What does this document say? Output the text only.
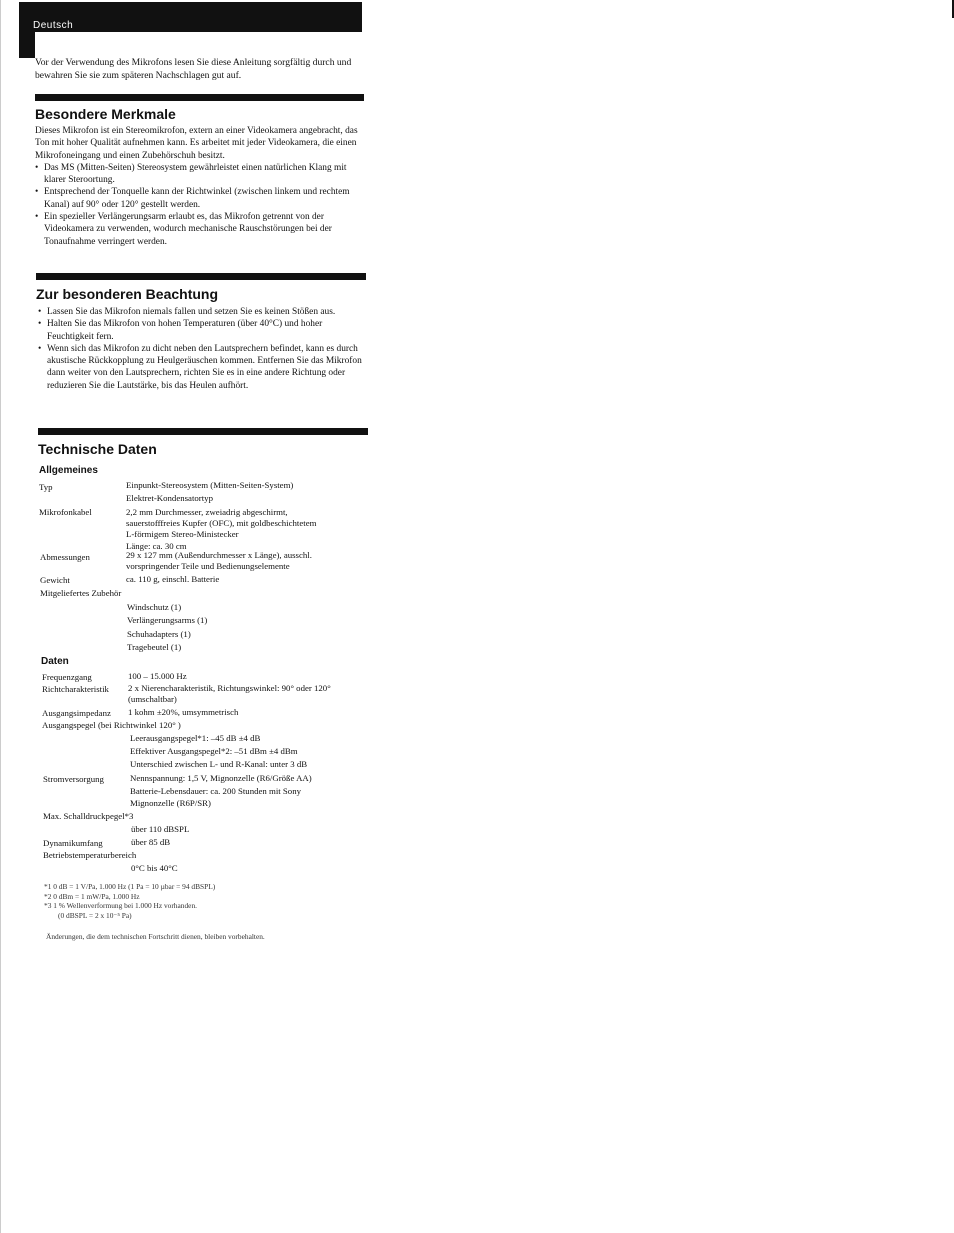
Deutsch
Vor der Verwendung des Mikrofons lesen Sie diese Anleitung sorgfältig durch und bewahren Sie sie zum späteren Nachschlagen gut auf.
Besondere Merkmale
Dieses Mikrofon ist ein Stereomikrofon, extern an einer Videokamera angebracht, das Ton mit hoher Qualität aufnehmen kann. Es arbeitet mit jeder Videokamera, die einen Mikrofoneingang und einen Zubehörschuh besitzt.
• Das MS (Mitten-Seiten) Stereosystem gewährleistet einen natürlichen Klang mit klarer Steroortung.
• Entsprechend der Tonquelle kann der Richtwinkel (zwischen linkem und rechtem Kanal) auf 90° oder 120° gestellt werden.
• Ein spezieller Verlängerungsarm erlaubt es, das Mikrofon getrennt von der Videokamera zu verwenden, wodurch mechanische Rauschstörungen bei der Tonaufnahme verringert werden.
Zur besonderen Beachtung
• Lassen Sie das Mikrofon niemals fallen und setzen Sie es keinen Stößen aus.
• Halten Sie das Mikrofon von hohen Temperaturen (über 40°C) und hoher Feuchtigkeit fern.
• Wenn sich das Mikrofon zu dicht neben den Lautsprechern befindet, kann es durch akustische Rückkopplung zu Heulgeräuschen kommen. Entfernen Sie das Mikrofon dann weiter von den Lautsprechern, richten Sie es in eine andere Richtung oder reduzieren Sie die Lautstärke, bis das Heulen aufhört.
Technische Daten
Allgemeines
Typ	Einpunkt-Stereosystem (Mitten-Seiten-System)
Elektret-Kondensatortyp
Mikrofonkabel	2,2 mm Durchmesser, zweiadrig abgeschirmt,
sauerstofffreies Kupfer (OFC), mit goldbeschichtetem
L-förmigem Stereo-Ministecker
Länge: ca. 30 cm
Abmessungen	29 x 127 mm (Außendurchmesser x Länge), ausschl.
vorspringender Teile und Bedienungselemente
Gewicht	ca. 110 g, einschl. Batterie
Mitgeliefertes Zubehör
Windschutz (1)
Verlängerungsarms (1)
Schuhadapters (1)
Tragebeutel (1)
Daten
Frequenzgang	100 – 15.000 Hz
Richtcharakteristik 2 x Nierencharakteristik, Richtungswinkel: 90° oder 120°
(umschaltbar)
Ausgangsimpedanz 1 kohm ±20%, umsymmetrisch
Ausgangspegel (bei Richtwinkel 120° )
Leerausgangspegel*1: –45 dB ±4 dB
Effektiver Ausgangspegel*2: –51 dBm ±4 dBm
Unterschied zwischen L- und R-Kanal: unter 3 dB
Stromversorgung	Nennspannung: 1,5 V, Mignonzelle (R6/Größe AA)
Batterie-Lebensdauer: ca. 200 Stunden mit Sony
Mignonzelle (R6P/SR)
Max. Schalldruckpegel*3
über 110 dBSPL
Dynamikumfang	über 85 dB
Betriebstemperaturbereich
0°C bis 40°C
*1 0 dB = 1 V/Pa, 1.000 Hz (1 Pa = 10 µbar = 94 dBSPL)
*2 0 dBm = 1 mW/Pa, 1.000 Hz
*3 1 % Wellenverformung bei 1.000 Hz vorhanden.
(0 dBSPL = 2 x 10⁻⁵ Pa)
Änderungen, die dem technischen Fortschritt dienen, bleiben vorbehalten.
